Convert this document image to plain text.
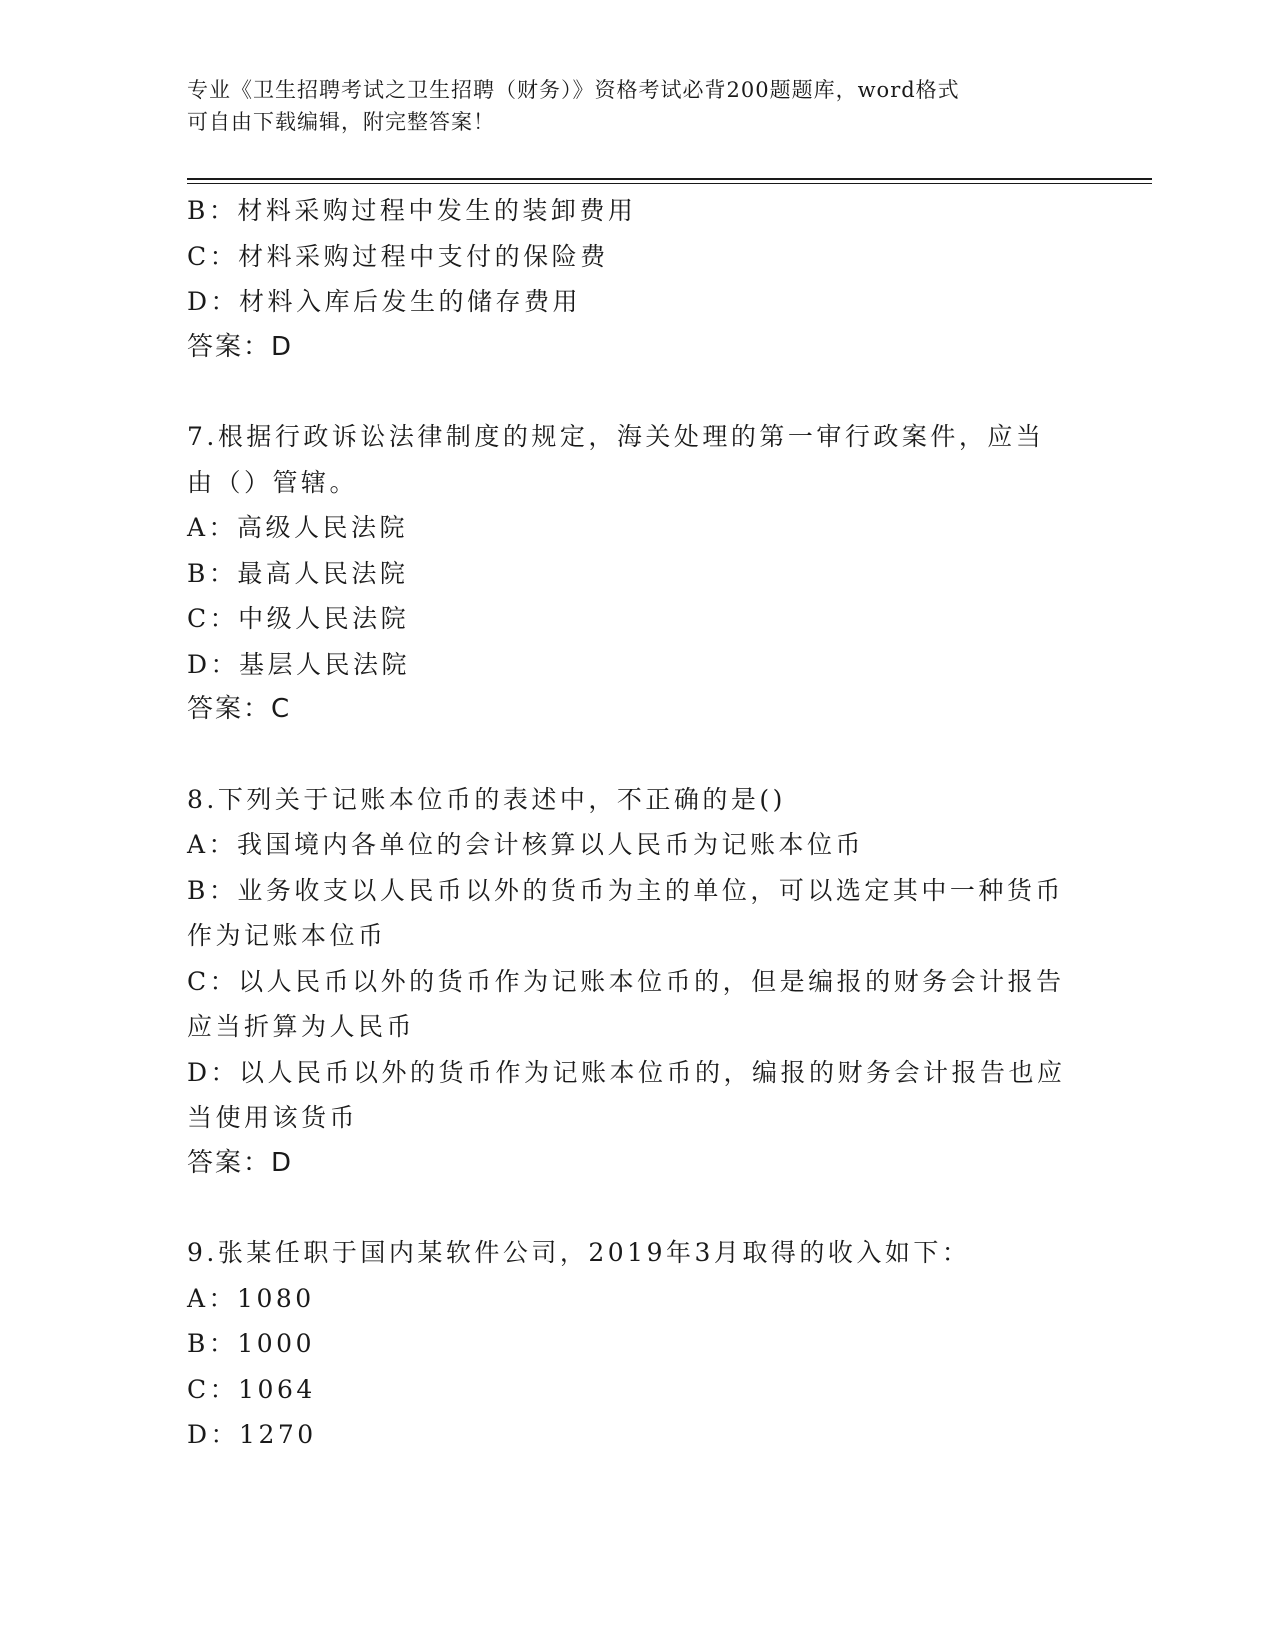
专业《卫生招聘考试之卫生招聘（财务）》资格考试必背200题题库，word格式
可自由下载编辑，附完整答案！
B：材料采购过程中发生的装卸费用
C：材料采购过程中支付的保险费
D：材料入库后发生的储存费用
答案：D
7.根据行政诉讼法律制度的规定，海关处理的第一审行政案件，应当
由（）管辖。
A：高级人民法院
B：最高人民法院
C：中级人民法院
D：基层人民法院
答案：C
8.下列关于记账本位币的表述中，不正确的是()
A：我国境内各单位的会计核算以人民币为记账本位币
B：业务收支以人民币以外的货币为主的单位，可以选定其中一种货币
作为记账本位币
C：以人民币以外的货币作为记账本位币的，但是编报的财务会计报告
应当折算为人民币
D：以人民币以外的货币作为记账本位币的，编报的财务会计报告也应
当使用该货币
答案：D
9.张某任职于国内某软件公司，2019年3月取得的收入如下：
A：1080
B：1000
C：1064
D：1270
